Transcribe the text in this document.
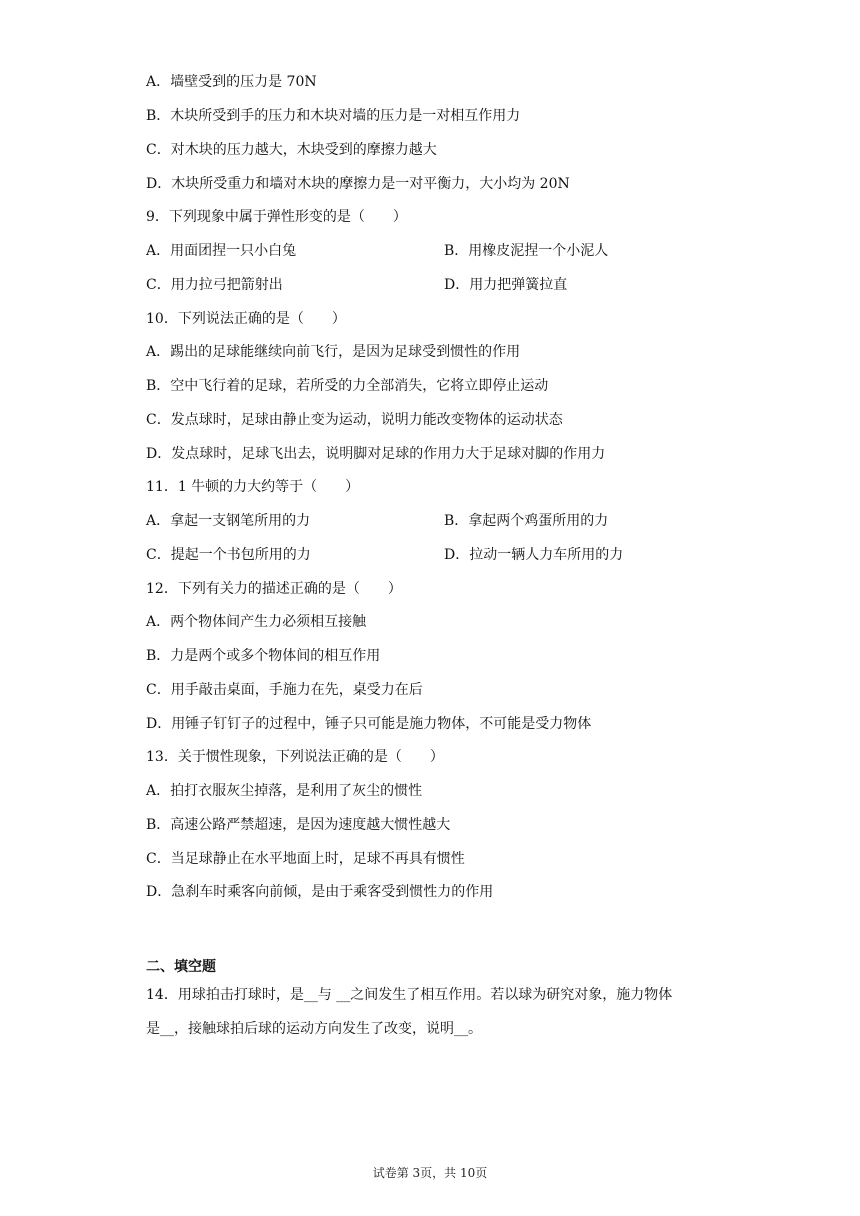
A．墙壁受到的压力是 70N
B．木块所受到手的压力和木块对墙的压力是一对相互作用力
C．对木块的压力越大，木块受到的摩擦力越大
D．木块所受重力和墙对木块的摩擦力是一对平衡力，大小均为 20N
9．下列现象中属于弹性形变的是（　　）
A．用面团捏一只小白兔	B．用橡皮泥捏一个小泥人
C．用力拉弓把箭射出	D．用力把弹簧拉直
10．下列说法正确的是（　　）
A．踢出的足球能继续向前飞行，是因为足球受到惯性的作用
B．空中飞行着的足球，若所受的力全部消失，它将立即停止运动
C．发点球时，足球由静止变为运动，说明力能改变物体的运动状态
D．发点球时，足球飞出去，说明脚对足球的作用力大于足球对脚的作用力
11．1 牛顿的力大约等于（　　）
A．拿起一支钢笔所用的力	B．拿起两个鸡蛋所用的力
C．提起一个书包所用的力	D．拉动一辆人力车所用的力
12．下列有关力的描述正确的是（　　）
A．两个物体间产生力必须相互接触
B．力是两个或多个物体间的相互作用
C．用手敲击桌面，手施力在先，桌受力在后
D．用锤子钉钉子的过程中，锤子只可能是施力物体，不可能是受力物体
13．关于惯性现象，下列说法正确的是（　　）
A．拍打衣服灰尘掉落，是利用了灰尘的惯性
B．高速公路严禁超速，是因为速度越大惯性越大
C．当足球静止在水平地面上时，足球不再具有惯性
D．急刹车时乘客向前倾，是由于乘客受到惯性力的作用
二、填空题
14．用球拍击打球时，是__与 __之间发生了相互作用。若以球为研究对象，施力物体
是__，接触球拍后球的运动方向发生了改变，说明__。
试卷第 3页，共 10页
